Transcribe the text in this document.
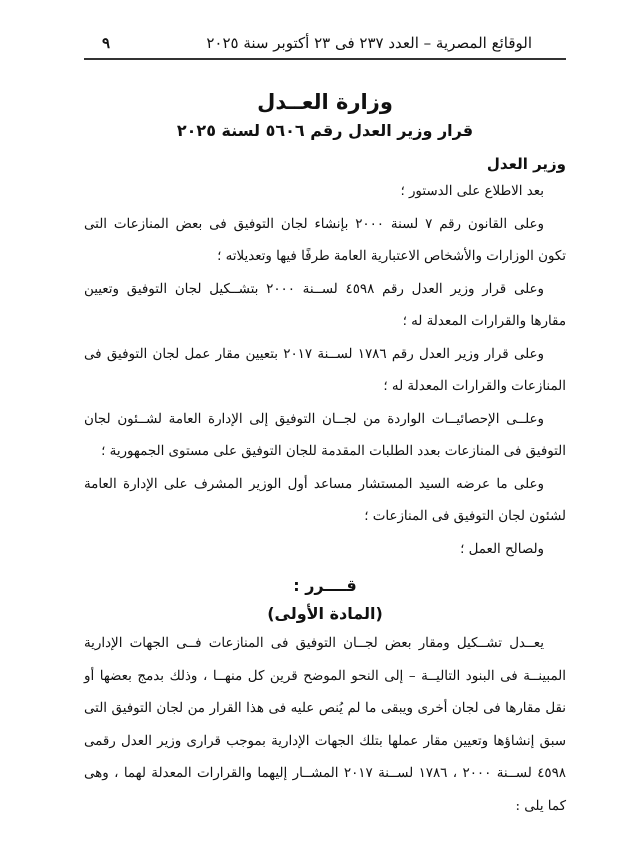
الوقائع المصرية – العدد ٢٣٧ فى ٢٣ أكتوبر سنة ٢٠٢٥
٩
وزارة العــدل
قرار وزير العدل رقم ٥٦٠٦ لسنة ٢٠٢٥
وزير العدل

بعد الاطلاع على الدستور ؛

وعلى القانون رقم ٧ لسنة ٢٠٠٠ بإنشاء لجان التوفيق فى بعض المنازعات التى تكون الوزارات والأشخاص الاعتبارية العامة طرفًا فيها وتعديلاته ؛

وعلى قرار وزير العدل رقم ٤٥٩٨ لســنة ٢٠٠٠ بتشــكيل لجان التوفيق وتعيين مقارها والقرارات المعدلة له ؛

وعلى قرار وزير العدل رقم ١٧٨٦ لســنة ٢٠١٧ بتعيين مقار عمل لجان التوفيق فى المنازعات والقرارات المعدلة له ؛

وعلــى الإحصائيــات الواردة من لجــان التوفيق إلى الإدارة العامة لشــئون لجان التوفيق فى المنازعات بعدد الطلبات المقدمة للجان التوفيق على مستوى الجمهورية ؛

وعلى ما عرضه السيد المستشار مساعد أول الوزير المشرف على الإدارة العامة لشئون لجان التوفيق فى المنازعات ؛

ولصالح العمل ؛

قــــرر :
(المادة الأولى)

يعــدل تشــكيل ومقار بعض لجــان التوفيق فى المنازعات فــى الجهات الإدارية المبينــة فى البنود التاليــة – إلى النحو الموضح قرين كل منهــا ، وذلك بدمج بعضها أو نقل مقارها فى لجان أخرى ويبقى ما لم يُنص عليه فى هذا القرار من لجان التوفيق التى سبق إنشاؤها وتعيين مقار عملها بتلك الجهات الإدارية بموجب قرارى وزير العدل رقمى ٤٥٩٨ لســنة ٢٠٠٠ ، ١٧٨٦ لســنة ٢٠١٧ المشــار إليهما والقرارات المعدلة لهما ، وهى كما يلى :
